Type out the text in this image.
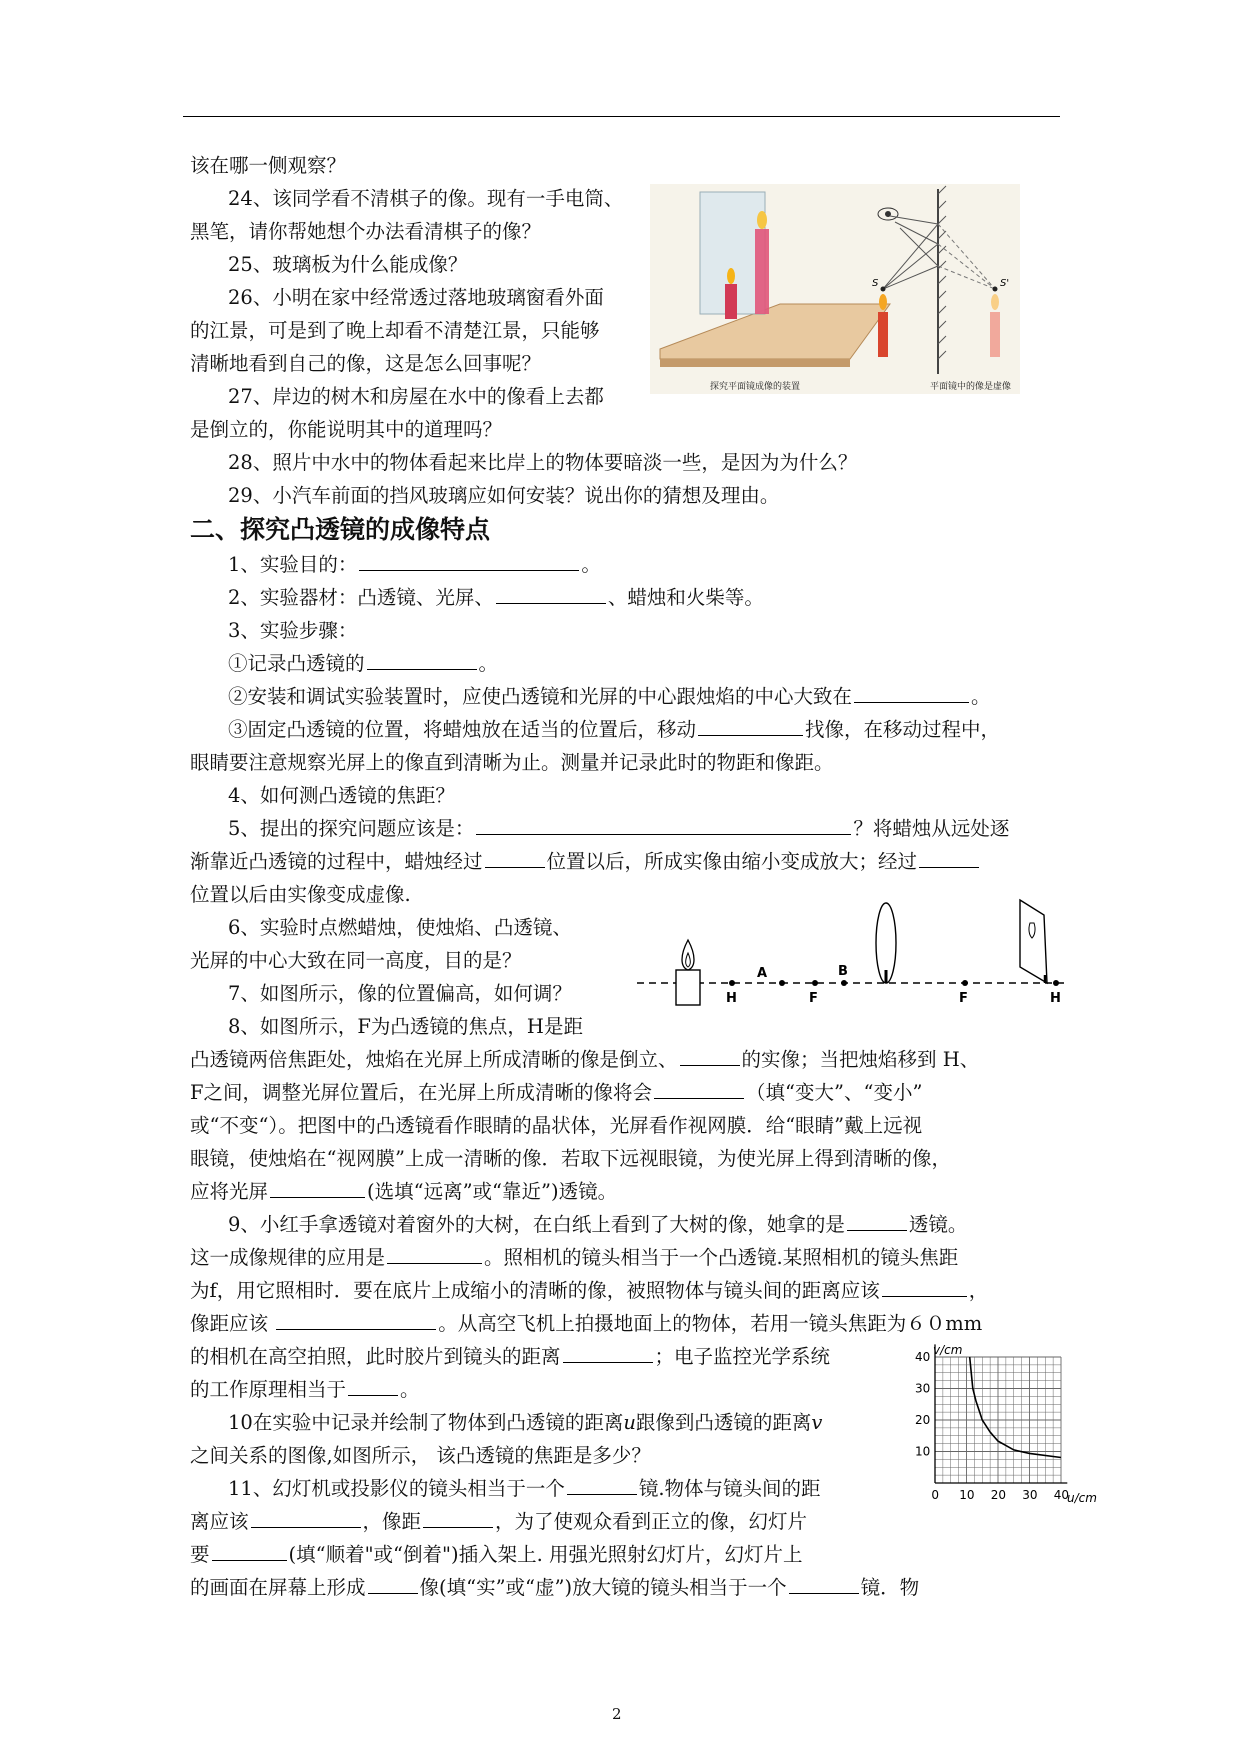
该在哪一侧观察？
24、该同学看不清棋子的像。现有一手电筒、
黑笔，请你帮她想个办法看清棋子的像？
25、玻璃板为什么能成像？
26、小明在家中经常透过落地玻璃窗看外面
的江景，可是到了晚上却看不清楚江景，只能够
清晰地看到自己的像，这是怎么回事呢？
27、岸边的树木和房屋在水中的像看上去都
是倒立的，你能说明其中的道理吗？
28、照片中水中的物体看起来比岸上的物体要暗淡一些，是因为为什么？
29、小汽车前面的挡风玻璃应如何安装？说出你的猜想及理由。
S	S'
探究平面镜成像的装置	平面镜中的像是虚像
二、探究凸透镜的成像特点
1、实验目的：	。
2、实验器材：凸透镜、光屏、	、蜡烛和火柴等。
3、实验步骤：
①记录凸透镜的	。
②安装和调试实验装置时，应使凸透镜和光屏的中心跟烛焰的中心大致在	。
③固定凸透镜的位置，将蜡烛放在适当的位置后，移动	找像，在移动过程中，
眼睛要注意规察光屏上的像直到清晰为止。测量并记录此时的物距和像距。
4、如何测凸透镜的焦距？
5、提出的探究问题应该是：	？将蜡烛从远处逐
渐靠近凸透镜的过程中，蜡烛经过	位置以后，所成实像由缩小变成放大；经过
位置以后由实像变成虚像.
6、实验时点燃蜡烛，使烛焰、凸透镜、
光屏的中心大致在同一高度，目的是？
7、如图所示，像的位置偏高，如何调？
8、如图所示，F为凸透镜的焦点，H是距
H
A
F
B
F	H
凸透镜两倍焦距处，烛焰在光屏上所成清晰的像是倒立、	的实像；当把烛焰移到 H、
F之间，调整光屏位置后，在光屏上所成清晰的像将会	（填“变大”、“变小”
或“不变“）。把图中的凸透镜看作眼睛的晶状体，光屏看作视网膜．给“眼睛”戴上远视
眼镜，使烛焰在“视网膜”上成一清晰的像．若取下远视眼镜，为使光屏上得到清晰的像，
应将光屏	(选填“远离”或“靠近”)透镜。
9、小红手拿透镜对着窗外的大树，在白纸上看到了大树的像，她拿的是	透镜。
这一成像规律的应用是	。照相机的镜头相当于一个凸透镜.某照相机的镜头焦距
为f，用它照相时．要在底片上成缩小的清晰的像，被照物体与镜头间的距离应该	，
像距应该	。从高空飞机上拍摄地面上的物体，若用一镜头焦距为６０mm
的相机在高空拍照，此时胶片到镜头的距离	；电子监控光学系统
的工作原理相当于	。
10在实验中记录并绘制了物体到凸透镜的距离u跟像到凸透镜的距离v
之间关系的图像,如图所示， 该凸透镜的焦距是多少？
11、幻灯机或投影仪的镜头相当于一个	镜.物体与镜头间的距
离应该	，像距	，为了使观众看到正立的像，幻灯片
要	(填“顺着"或“倒着")插入架上. 用强光照射幻灯片，幻灯片上
的画面在屏幕上形成	像(填“实”或“虚”)放大镜的镜头相当于一个	镜．物
0 10 20 30 40
10
20
30
40 v/cm
u/cm
2
